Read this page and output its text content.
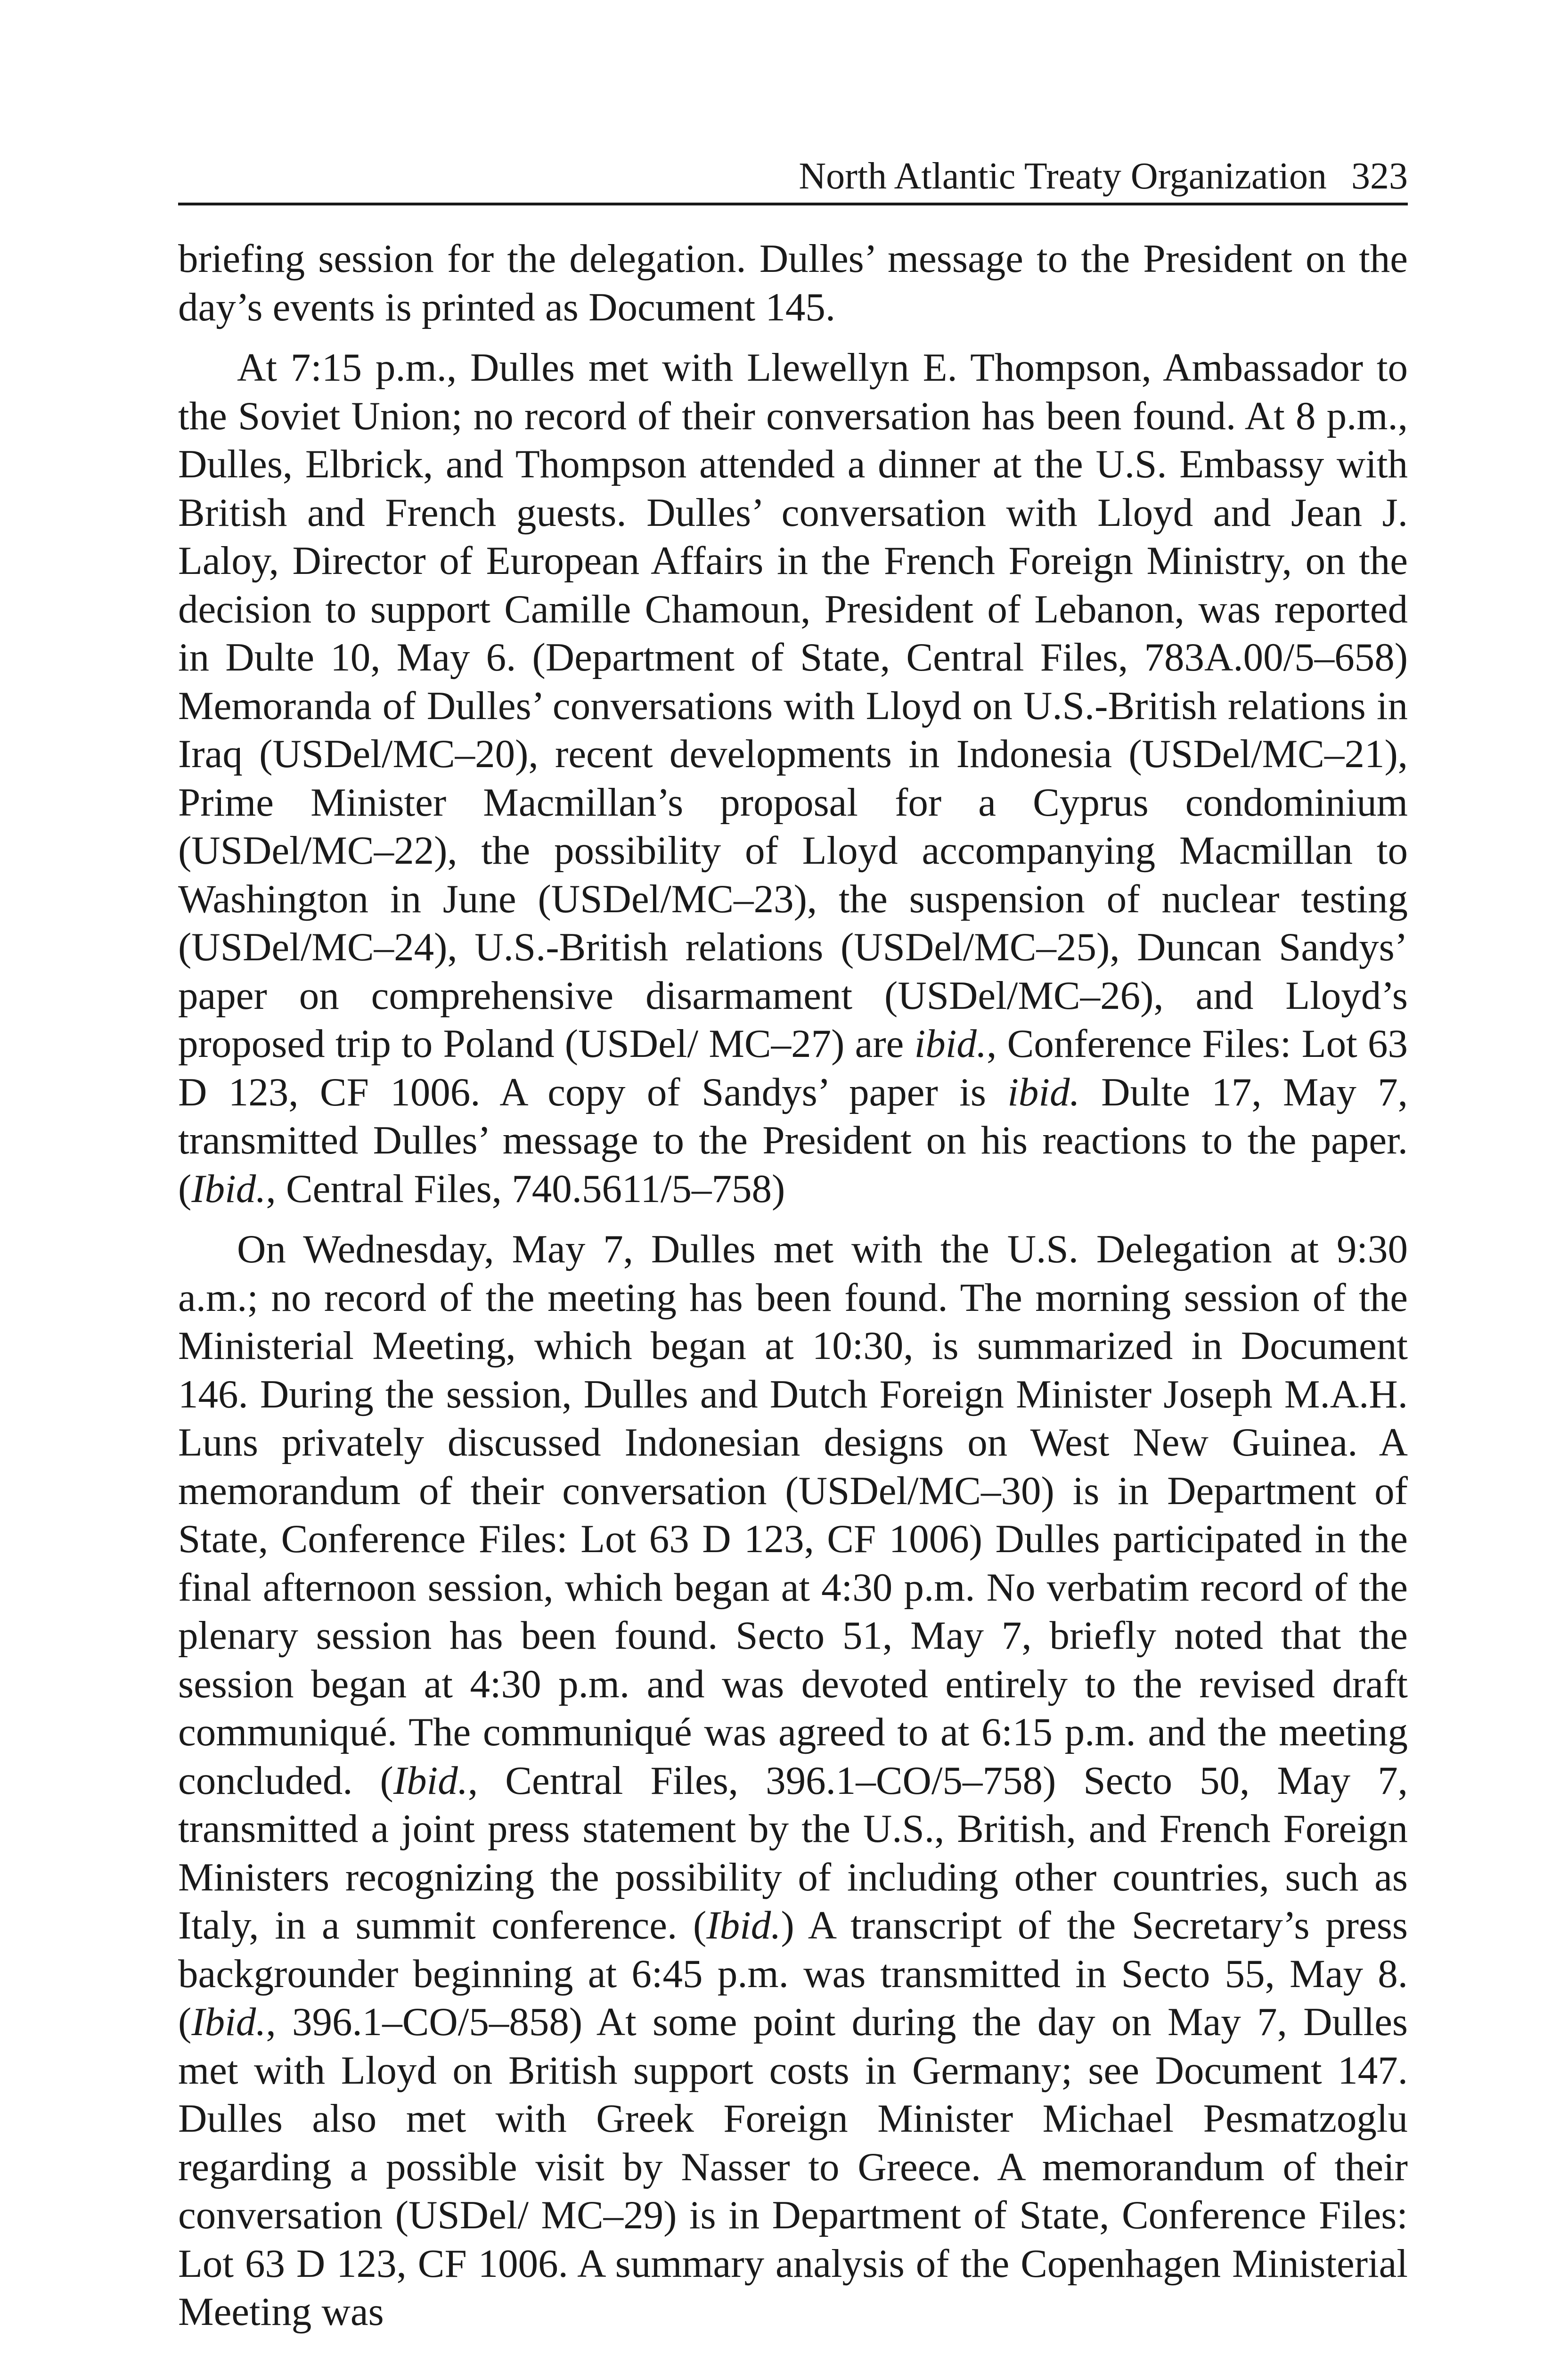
North Atlantic Treaty Organization 323

briefing session for the delegation. Dulles’ message to the President on the day’s events is printed as Document 145.

At 7:15 p.m., Dulles met with Llewellyn E. Thompson, Ambassador to the Soviet Union; no record of their conversation has been found. At 8 p.m., Dulles, Elbrick, and Thompson attended a dinner at the U.S. Embassy with British and French guests. Dulles’ conversation with Lloyd and Jean J. Laloy, Director of European Affairs in the French Foreign Ministry, on the decision to support Camille Chamoun, President of Lebanon, was reported in Dulte 10, May 6. (Department of State, Central Files, 783A.00/5–658) Memoranda of Dulles’ conversations with Lloyd on U.S.-British relations in Iraq (USDel/MC–20), recent developments in Indonesia (USDel/MC–21), Prime Minister Macmillan’s proposal for a Cyprus condominium (USDel/MC–22), the possibility of Lloyd accompanying Macmillan to Washington in June (USDel/MC–23), the suspension of nuclear testing (USDel/MC–24), U.S.-British relations (USDel/MC–25), Duncan Sandys’ paper on comprehensive disarmament (USDel/MC–26), and Lloyd’s proposed trip to Poland (USDel/ MC–27) are ibid., Conference Files: Lot 63 D 123, CF 1006. A copy of Sandys’ paper is ibid. Dulte 17, May 7, transmitted Dulles’ message to the President on his reactions to the paper. (Ibid., Central Files, 740.5611/5–758)

On Wednesday, May 7, Dulles met with the U.S. Delegation at 9:30 a.m.; no record of the meeting has been found. The morning session of the Ministerial Meeting, which began at 10:30, is summarized in Document 146. During the session, Dulles and Dutch Foreign Minister Joseph M.A.H. Luns privately discussed Indonesian designs on West New Guinea. A memorandum of their conversation (USDel/MC–30) is in Department of State, Conference Files: Lot 63 D 123, CF 1006) Dulles participated in the final afternoon session, which began at 4:30 p.m. No verbatim record of the plenary session has been found. Secto 51, May 7, briefly noted that the session began at 4:30 p.m. and was devoted entirely to the revised draft communiqué. The communiqué was agreed to at 6:15 p.m. and the meeting concluded. (Ibid., Central Files, 396.1–CO/5–758) Secto 50, May 7, transmitted a joint press statement by the U.S., British, and French Foreign Ministers recognizing the possibility of including other countries, such as Italy, in a summit conference. (Ibid.) A transcript of the Secretary’s press backgrounder beginning at 6:45 p.m. was transmitted in Secto 55, May 8. (Ibid., 396.1–CO/5–858) At some point during the day on May 7, Dulles met with Lloyd on British support costs in Germany; see Document 147. Dulles also met with Greek Foreign Minister Michael Pesmatzoglu regarding a possible visit by Nasser to Greece. A memorandum of their conversation (USDel/ MC–29) is in Department of State, Conference Files: Lot 63 D 123, CF 1006. A summary analysis of the Copenhagen Ministerial Meeting was
